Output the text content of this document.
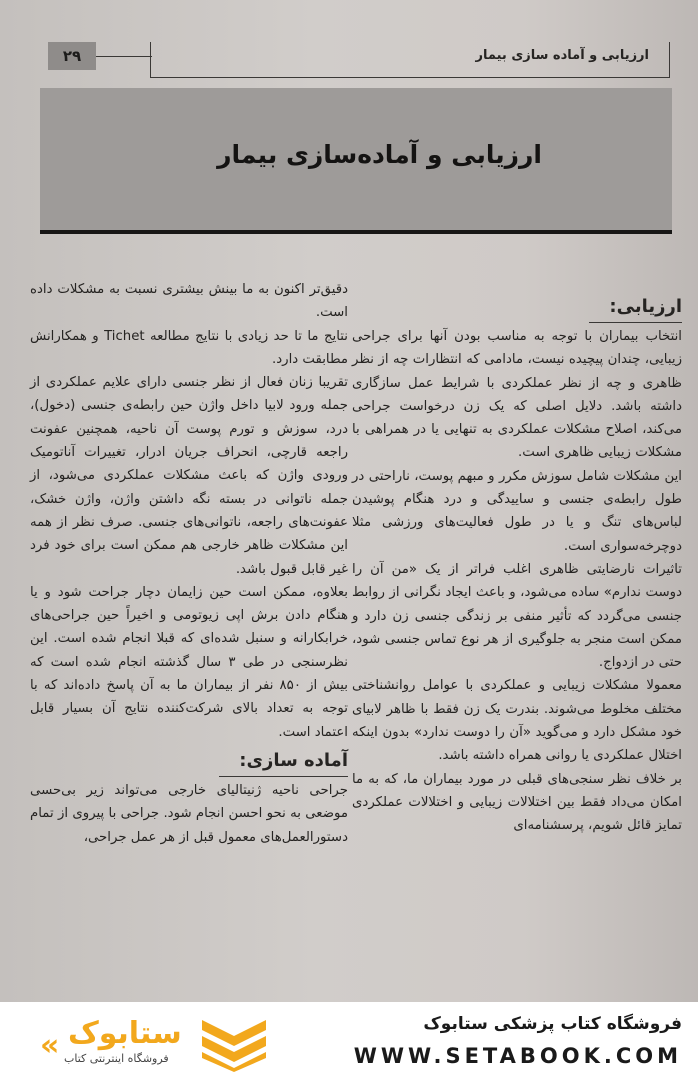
۲۹	ارزیابی و آماده سازی بیمار
ارزیابی و آماده‌سازی بیمار
ارزیابی:

انتخاب بیماران با توجه به مناسب بودن آنها برای جراحی زیبایی، چندان پیچیده نیست، مادامی که انتظارات چه از نظر ظاهری و چه از نظر عملکردی با شرایط عمل سازگاری داشته باشد. دلایل اصلی که یک زن درخواست جراحی می‌کند، اصلاح مشکلات عملکردی به تنهایی یا در همراهی با مشکلات زیبایی ظاهری است.

این مشکلات شامل سوزش مکرر و مبهم پوست، ناراحتی در طول رابطه‌ی جنسی و ساییدگی و درد هنگام پوشیدن لباس‌های تنگ و یا در طول فعالیت‌های ورزشی مثلا دوچرخه‌سواری است.

تاثیرات نارضایتی ظاهری اغلب فراتر از یک «من آن را دوست ندارم» ساده می‌شود، و باعث ایجاد نگرانی از روابط جنسی می‌گردد که تأثیر منفی بر زندگی جنسی زن دارد و ممکن است منجر به جلوگیری از هر نوع تماس جنسی شود، حتی در ازدواج.

معمولا مشکلات زیبایی و عملکردی با عوامل روانشناختی مختلف مخلوط می‌شوند. بندرت یک زن فقط با ظاهر لابیای خود مشکل دارد و می‌گوید «آن را دوست ندارد» بدون اینکه اختلال عملکردی یا روانی همراه داشته باشد.

بر خلاف نظر سنجی‌های قبلی در مورد بیماران ما، که به ما امکان می‌داد فقط بین اختلالات زیبایی و اختلالات عملکردی تمایز قائل شویم، پرسشنامه‌ای

دقیق‌تر اکنون به ما بینش بیشتری نسبت به مشکلات داده است.

نتایج ما تا حد زیادی با نتایج مطالعه Tichet و همکارانش مطابقت دارد.

تقریبا زنان فعال از نظر جنسی دارای علایم عملکردی از جمله ورود لابیا داخل واژن حین رابطه‌ی جنسی (دخول)، درد، سوزش و تورم پوست آن ناحیه، همچنین عفونت راجعه قارچی، انحراف جریان ادرار، تغییرات آناتومیک ورودی واژن که باعث مشکلات عملکردی می‌شود، از جمله ناتوانی در بسته نگه داشتن واژن، واژن خشک، عفونت‌های راجعه، ناتوانی‌های جنسی. صرف نظر از همه این مشکلات ظاهر خارجی هم ممکن است برای خود فرد غیر قابل قبول باشد.

بعلاوه، ممکن است حین زایمان دچار جراحت شود و یا هنگام دادن برش اپی زیوتومی و اخیراً حین جراحی‌های خرابکارانه و سنبل شده‌ای که قبلا انجام شده است. این نظرسنجی در طی ۳ سال گذشته انجام شده است که بیش از ۸۵۰ نفر از بیماران ما به آن پاسخ داده‌اند که با توجه به تعداد بالای شرکت‌کننده نتایج آن بسیار قابل اعتماد است.

آماده سازی:

جراحی ناحیه ژنیتالیای خارجی می‌تواند زیر بی‌حسی موضعی به نحو احسن انجام شود. جراحی با پیروی از تمام دستورالعمل‌های معمول قبل از هر عمل جراحی،

« ستابوک
فروشگاه اینترنتی کتاب
فروشگاه کتاب پزشکی ستابوک
WWW.SETABOOK.COM
